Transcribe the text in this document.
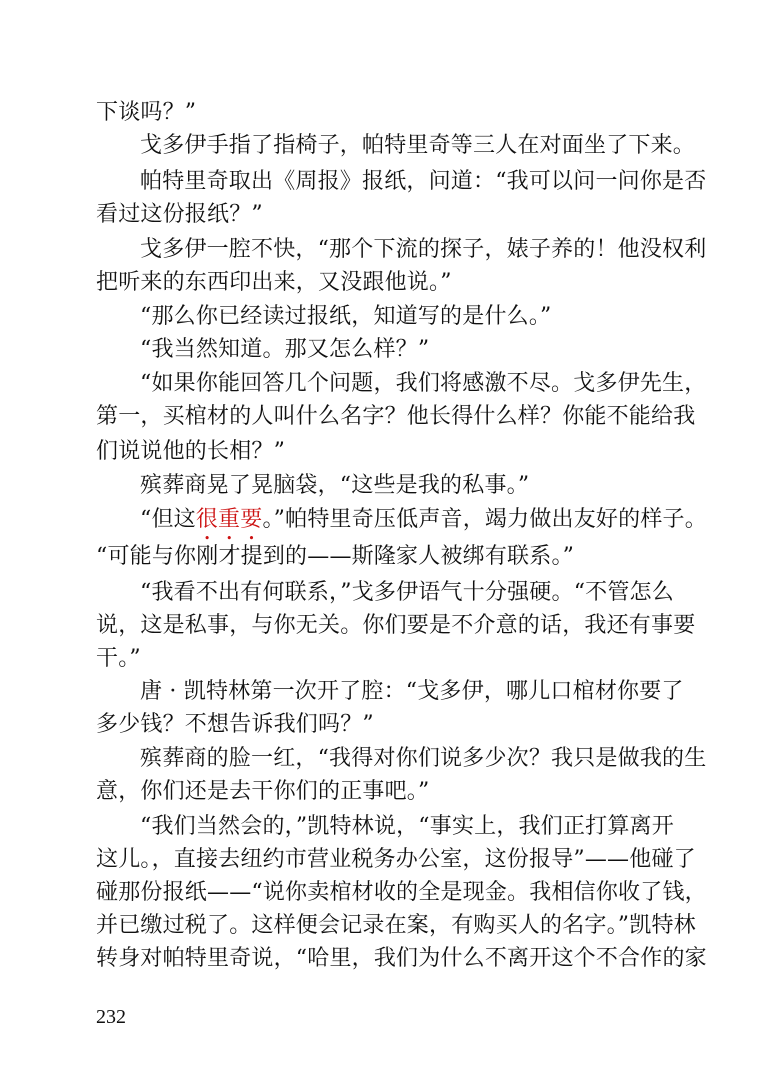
下谈吗？”
戈多伊手指了指椅子，帕特里奇等三人在对面坐了下来。
帕特里奇取出《周报》报纸，问道：“我可以问一问你是否
看过这份报纸？”
戈多伊一腔不快，“那个下流的探子，婊子养的！他没权利
把听来的东西印出来，又没跟他说。”
“那么你已经读过报纸，知道写的是什么。”
“我当然知道。那又怎么样？”
“如果你能回答几个问题，我们将感激不尽。戈多伊先生，
第一，买棺材的人叫什么名字？他长得什么样？你能不能给我
们说说他的长相？”
殡葬商晃了晃脑袋，“这些是我的私事。”
“但这很重要。”帕特里奇压低声音，竭力做出友好的样子。
“可能与你刚才提到的——斯隆家人被绑有联系。”
“我看不出有何联系，”戈多伊语气十分强硬。“不管怎么
说，这是私事，与你无关。你们要是不介意的话，我还有事要
干。”
唐 · 凯特林第一次开了腔：“戈多伊，哪儿口棺材你要了
多少钱？不想告诉我们吗？”
殡葬商的脸一红，“我得对你们说多少次？我只是做我的生
意，你们还是去干你们的正事吧。”
“我们当然会的，”凯特林说，“事实上，我们正打算离开
这儿。，直接去纽约市营业税务办公室，这份报导”——他碰了
碰那份报纸——“说你卖棺材收的全是现金。我相信你收了钱，
并已缴过税了。这样便会记录在案，有购买人的名字。”凯特林
转身对帕特里奇说，“哈里，我们为什么不离开这个不合作的家
232
